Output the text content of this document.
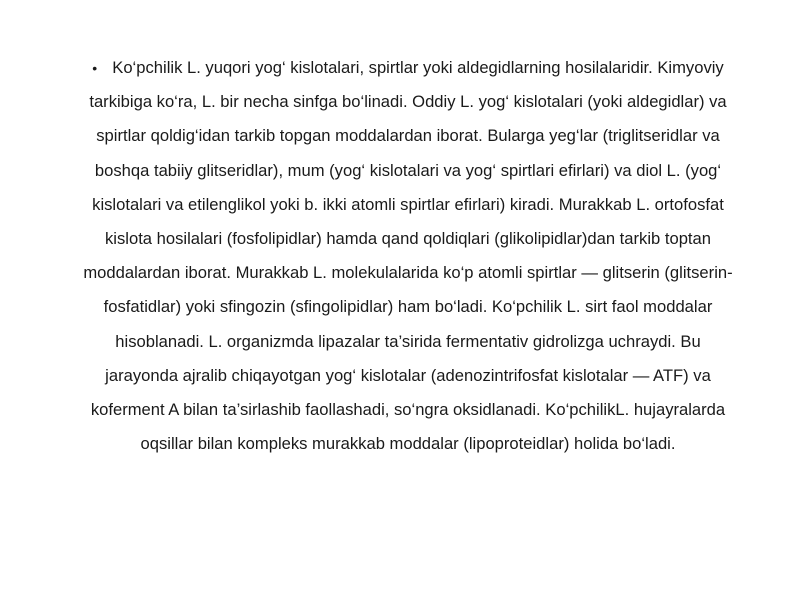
• Ko‘pchilik L. yuqori yog‘ kislotalari, spirtlar yoki aldegidlarning hosilalaridir. Kimyoviy tarkibiga ko‘ra, L. bir necha sinfga bo‘linadi. Oddiy L. yog‘ kislotalari (yoki aldegidlar) va spirtlar qoldig‘idan tarkib topgan moddalardan iborat. Bularga yeg‘lar (triglitseridlar va boshqa tabiiy glitseridlar), mum (yog‘ kislotalari va yog‘ spirtlari efirlari) va diol L. (yog‘ kislotalari va etilenglikol yoki b. ikki atomli spirtlar efirlari) kiradi. Murakkab L. ortofosfat kislota hosilalari (fosfolipidlar) hamda qand qoldiqlari (glikolipidlar)dan tarkib toptan moddalardan iborat. Murakkab L. molekulalarida ko‘p atomli spirtlar — glitserin (glitserin-fosfatidlar) yoki sfingozin (sfingolipidlar) ham bo‘ladi. Ko‘pchilik L. sirt faol moddalar hisoblanadi. L. organizmda lipazalar ta’sirida fermentativ gidrolizga uchraydi. Bu jarayonda ajralib chiqayotgan yog‘ kislotalar (adenozintrifosfat kislotalar — ATF) va koferment A bilan ta’sirlashib faollashadi, so‘ngra oksidlanadi. Ko‘pchilikL. hujayralarda oqsillar bilan kompleks murakkab moddalar (lipoproteidlar) holida bo‘ladi.
